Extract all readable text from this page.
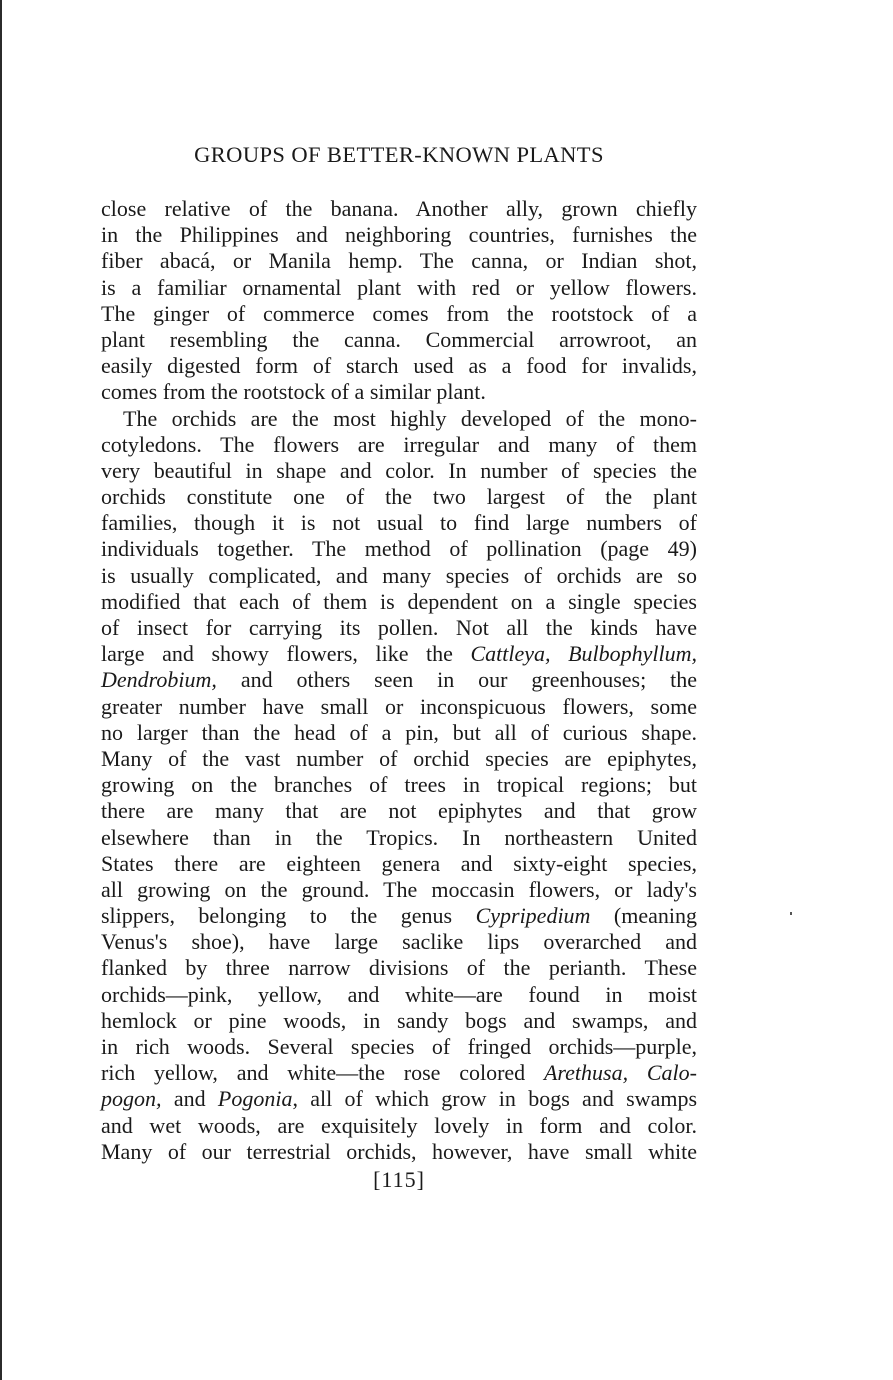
GROUPS OF BETTER-KNOWN PLANTS
close relative of the banana. Another ally, grown chiefly
in the Philippines and neighboring countries, furnishes the
fiber abacá, or Manila hemp. The canna, or Indian shot,
is a familiar ornamental plant with red or yellow flowers.
The ginger of commerce comes from the rootstock of a
plant resembling the canna. Commercial arrowroot, an
easily digested form of starch used as a food for invalids,
comes from the rootstock of a similar plant.
The orchids are the most highly developed of the mono-
cotyledons. The flowers are irregular and many of them
very beautiful in shape and color. In number of species the
orchids constitute one of the two largest of the plant
families, though it is not usual to find large numbers of
individuals together. The method of pollination (page 49)
is usually complicated, and many species of orchids are so
modified that each of them is dependent on a single species
of insect for carrying its pollen. Not all the kinds have
large and showy flowers, like the Cattleya, Bulbophyllum,
Dendrobium, and others seen in our greenhouses; the
greater number have small or inconspicuous flowers, some
no larger than the head of a pin, but all of curious shape.
Many of the vast number of orchid species are epiphytes,
growing on the branches of trees in tropical regions; but
there are many that are not epiphytes and that grow
elsewhere than in the Tropics. In northeastern United
States there are eighteen genera and sixty-eight species,
all growing on the ground. The moccasin flowers, or lady's
slippers, belonging to the genus Cypripedium (meaning
Venus's shoe), have large saclike lips overarched and
flanked by three narrow divisions of the perianth. These
orchids—pink, yellow, and white—are found in moist
hemlock or pine woods, in sandy bogs and swamps, and
in rich woods. Several species of fringed orchids—purple,
rich yellow, and white—the rose colored Arethusa, Calo-
pogon, and Pogonia, all of which grow in bogs and swamps
and wet woods, are exquisitely lovely in form and color.
Many of our terrestrial orchids, however, have small white
[115]
